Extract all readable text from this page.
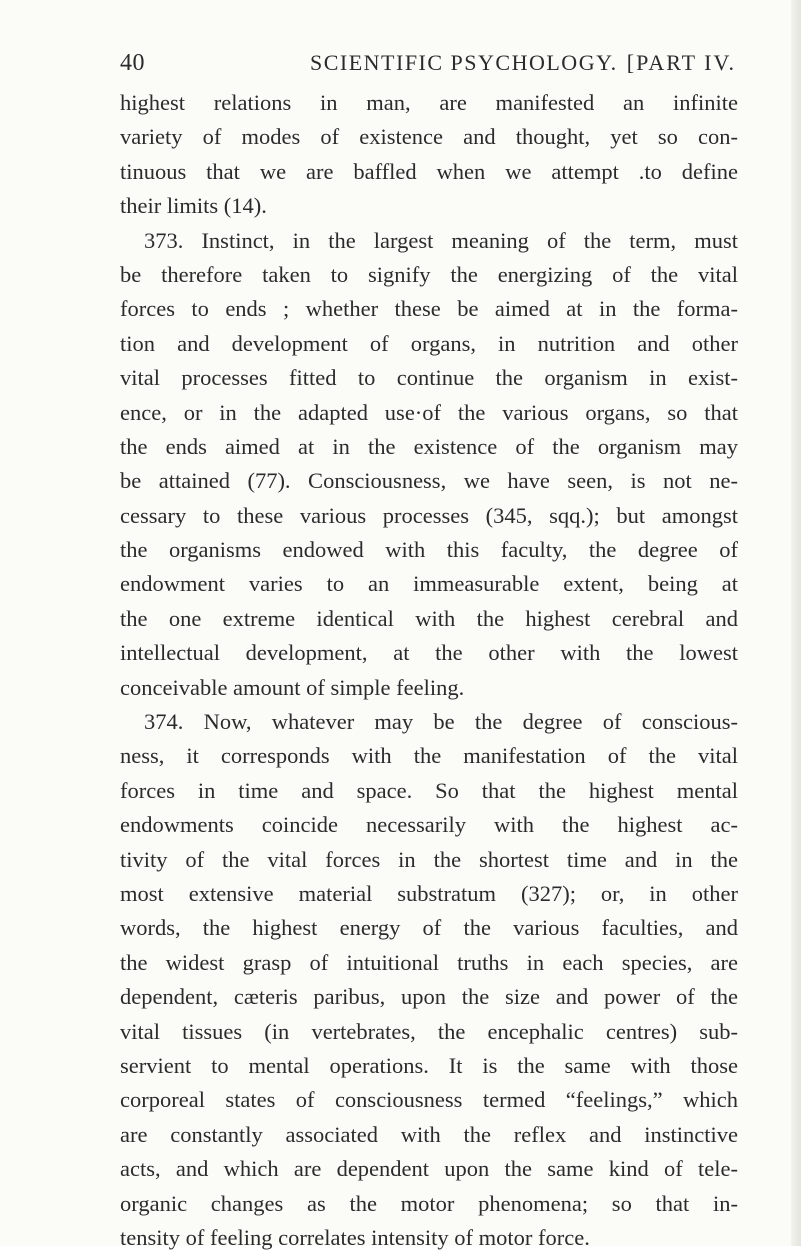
40	SCIENTIFIC PSYCHOLOGY. [PART IV.
highest relations in man, are manifested an infinite
variety of modes of existence and thought, yet so con-
tinuous that we are baffled when we attempt .to define
their limits (14).
373. Instinct, in the largest meaning of the term, must
be therefore taken to signify the energizing of the vital
forces to ends ; whether these be aimed at in the forma-
tion and development of organs, in nutrition and other
vital processes fitted to continue the organism in exist-
ence, or in the adapted use·of the various organs, so that
the ends aimed at in the existence of the organism may
be attained (77). Consciousness, we have seen, is not ne-
cessary to these various processes (345, sqq.); but amongst
the organisms endowed with this faculty, the degree of
endowment varies to an immeasurable extent, being at
the one extreme identical with the highest cerebral and
intellectual development, at the other with the lowest
conceivable amount of simple feeling.
374. Now, whatever may be the degree of conscious-
ness, it corresponds with the manifestation of the vital
forces in time and space. So that the highest mental
endowments coincide necessarily with the highest ac-
tivity of the vital forces in the shortest time and in the
most extensive material substratum (327); or, in other
words, the highest energy of the various faculties, and
the widest grasp of intuitional truths in each species, are
dependent, cæteris paribus, upon the size and power of the
vital tissues (in vertebrates, the encephalic centres) sub-
servient to mental operations. It is the same with those
corporeal states of consciousness termed “feelings,” which
are constantly associated with the reflex and instinctive
acts, and which are dependent upon the same kind of tele-
organic changes as the motor phenomena; so that in-
tensity of feeling correlates intensity of motor force.
